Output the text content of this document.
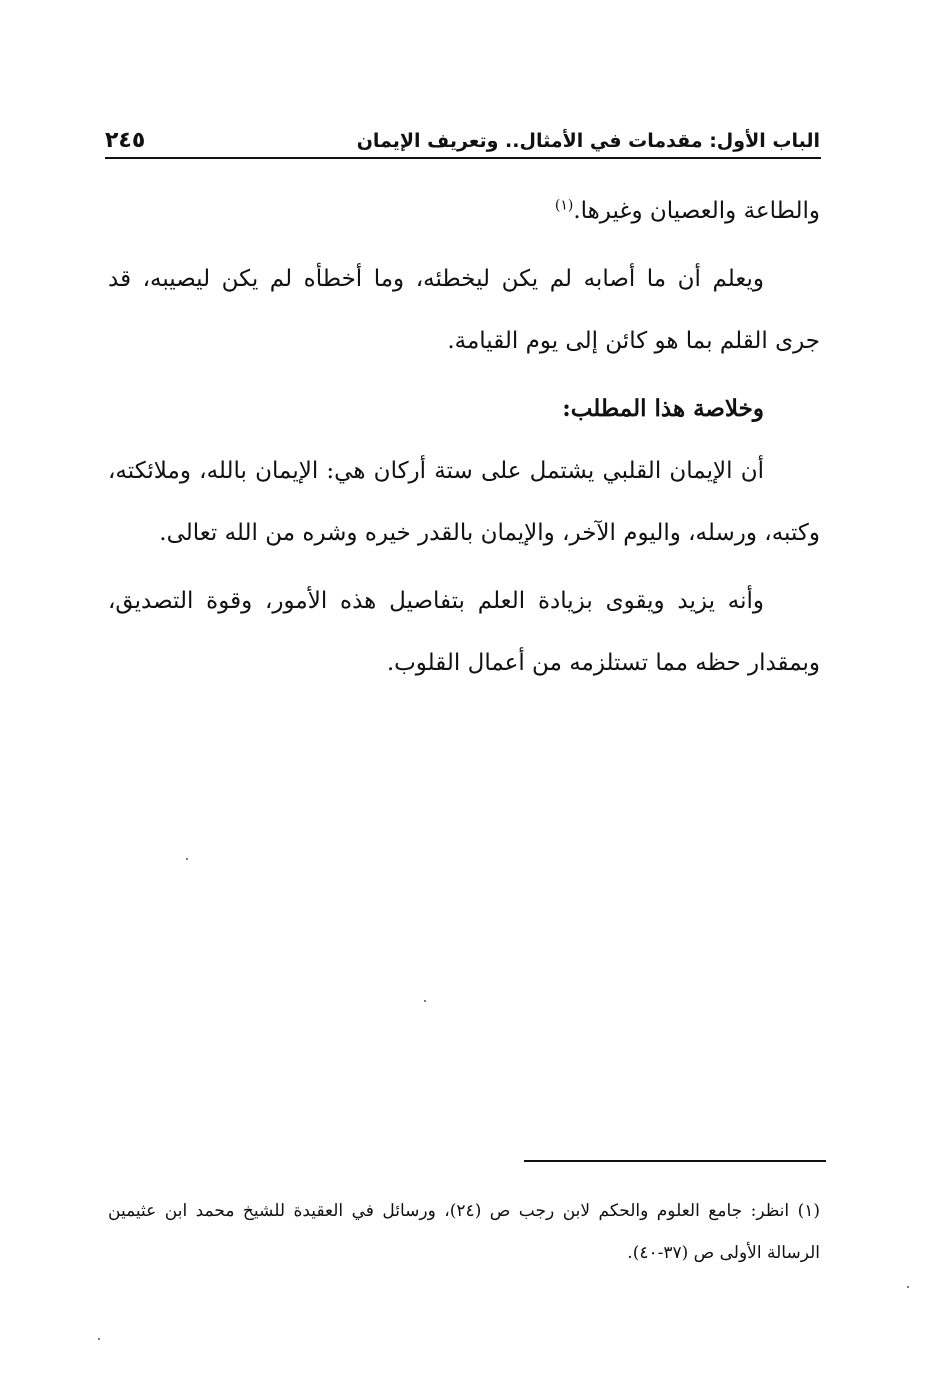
الباب الأول: مقدمات في الأمثال.. وتعريف الإيمان
٢٤٥

والطاعة والعصيان وغيرها.$^{(١)}$

ويعلم أن ما أصابه لم يكن ليخطئه، وما أخطأه لم يكن ليصيبه، قد جرى القلم بما هو كائن إلى يوم القيامة.

وخلاصة هذا المطلب:

أن الإيمان القلبي يشتمل على ستة أركان هي: الإيمان بالله، وملائكته، وكتبه، ورسله، واليوم الآخر، والإيمان بالقدر خيره وشره من الله تعالى.

وأنه يزيد ويقوى بزيادة العلم بتفاصيل هذه الأمور، وقوة التصديق، وبمقدار حظه مما تستلزمه من أعمال القلوب.

(١) انظر: جامع العلوم والحكم لابن رجب ص (٢٤)، ورسائل في العقيدة للشيخ محمد ابن عثيمين الرسالة الأولى ص (٣٧-٤٠).
